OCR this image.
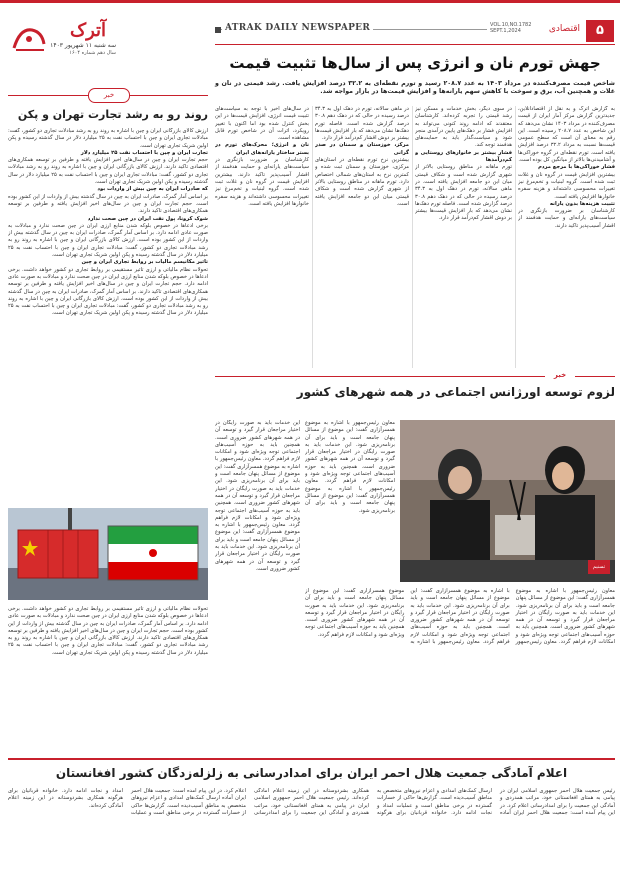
آترک
سه شنبه ۱۱ شهریور ۱۴۰۳
سال دهم شماره ۱۶۰۴
ATRAK DAILY NEWSPAPER	VOL.10,NO.1782
SEPT.1,2024	اقتصادی	۵
جهش تورم نان و انرژی پس از سال‌ها تثبیت قیمت
شاخص قیمت مصرف‌کننده در مرداد ۱۴۰۳ به عدد ۲۰۸.۷ رسید و تورم نقطه‌ای به ۳۲.۲ درصد افزایش یافت. رشد قیمتی در نان و غلات و همچنین آب، برق و سوخت با کاهش سهم یارانه‌ها و افزایش قیمت‌ها در بازار مواجه شد.
به گزارش آترک و به نقل از اقتصادآنلاین، جدیدترین گزارش مرکز آمار ایران از قیمت مصرف‌کننده در مرداد ۱۴۰۳ نشان می‌دهد که این شاخص به عدد ۲۰۸.۷ رسیده است. این رقم به معنای آن است که سطح عمومی قیمت‌ها نسبت به مرداد ۳۲.۲ درصد افزایش یافته است. تورم نقطه‌ای در گروه خوراکی‌ها و آشامیدنی‌ها بالاتر از میانگین کل بوده است.
فشار خوراکی‌ها با مرجع مردم
بیشترین افزایش قیمت در گروه نان و غلات ثبت شده است. گروه لبنیات و تخم‌مرغ نیز تغییرات محسوسی داشته‌اند و هزینه سفره خانوارها افزایش یافته است.
تثبیت هزینه‌ها بدون یارانه
کارشناسان بر ضرورت بازنگری در سیاست‌های یارانه‌ای و حمایت هدفمند از اقشار آسیب‌پذیر تاکید دارند.
در سوی دیگر، بخش خدمات و مسکن نیز رشد قیمتی را تجربه کرده‌اند. کارشناسان معتقدند که ادامه روند کنونی می‌تواند به افزایش فشار بر دهک‌های پایین درآمدی منجر شود و سیاست‌گذار باید به حمایت‌های هدفمند توجه کند.
فشار بیشتر بر خانوارهای روستایی و کم‌درآمدها
تورم ماهانه در مناطق روستایی بالاتر از شهری گزارش شده است و شکاف قیمتی میان این دو جامعه افزایش یافته است. در ماهی سالانه، تورم در دهک اول به ۳۴.۳ درصد رسیده در حالی که در دهک دهم ۳۰.۸ درصد گزارش شده است. فاصله تورم دهک‌ها نشان می‌دهد که بار افزایش قیمت‌ها بیشتر بر دوش اقشار کم‌درآمد قرار دارد.
در ماهی سالانه، تورم در دهک اول به ۳۴.۳ درصد رسیده در حالی که در دهک دهم ۳۰.۸ درصد گزارش شده است. فاصله تورم دهک‌ها نشان می‌دهد که بار افزایش قیمت‌ها بیشتر بر دوش اقشار کم‌درآمد قرار دارد.
مرکز، خوزستان و سمنان در صدر گرانی
بیشترین نرخ تورم نقطه‌ای در استان‌های مرکزی، خوزستان و سمنان ثبت شده و کمترین نرخ به استان‌های شمالی اختصاص دارد. تورم ماهانه در مناطق روستایی بالاتر از شهری گزارش شده است و شکاف قیمتی میان این دو جامعه افزایش یافته است.
در سال‌های اخیر با توجه به سیاست‌های تثبیت قیمت انرژی، افزایش قیمت‌ها در این بخش کنترل شده بود اما اکنون با تغییر رویکرد، اثرات آن در شاخص تورم قابل مشاهده است.
نان و انرژی؛ محرک‌های تورم در بستر ساختار یارانه‌های ایران
کارشناسان بر ضرورت بازنگری در سیاست‌های یارانه‌ای و حمایت هدفمند از اقشار آسیب‌پذیر تاکید دارند. بیشترین افزایش قیمت در گروه نان و غلات ثبت شده است. گروه لبنیات و تخم‌مرغ نیز تغییرات محسوسی داشته‌اند و هزینه سفره خانوارها افزایش یافته است.
خبر
روند رو به رشد تجارت تهران و پکن
ارزش کالای بازرگانی ایران و چین با اشاره به روند رو به رشد مبادلات تجاری دو کشور، گفت: مبادلات تجاری ایران و چین با احتساب نفت به ۲۵ میلیارد دلار در سال گذشته رسیده و پکن اولین شریک تجاری تهران است.
تجارت ایران و چین با احتساب نفت ۲۵ میلیارد دلار
حجم تجارت ایران و چین در سال‌های اخیر افزایش یافته و طرفین بر توسعه همکاری‌های اقتصادی تاکید دارند. ارزش کالای بازرگانی ایران و چین با اشاره به روند رو به رشد مبادلات تجاری دو کشور، گفت: مبادلات تجاری ایران و چین با احتساب نفت به ۲۵ میلیارد دلار در سال گذشته رسیده و پکن اولین شریک تجاری تهران است.
که صادرات ایران به چین بیش از واردات بود
بر اساس آمار گمرک، صادرات ایران به چین در سال گذشته بیش از واردات از این کشور بوده است. حجم تجارت ایران و چین در سال‌های اخیر افزایش یافته و طرفین بر توسعه همکاری‌های اقتصادی تاکید دارند.
شوک کرونا، پول نفت ایران در چین صحت ندارد
برخی ادعاها در خصوص بلوکه شدن منابع ارزی ایران در چین صحت ندارد و مبادلات به صورت عادی ادامه دارد. بر اساس آمار گمرک، صادرات ایران به چین در سال گذشته بیش از واردات از این کشور بوده است. ارزش کالای بازرگانی ایران و چین با اشاره به روند رو به رشد مبادلات تجاری دو کشور، گفت: مبادلات تجاری ایران و چین با احتساب نفت به ۲۵ میلیارد دلار در سال گذشته رسیده و پکن اولین شریک تجاری تهران است.
تاثیر مکانیسم مالیات بر روابط تجاری ایران و چین
تحولات نظام مالیاتی و ارزی تاثیر مستقیمی بر روابط تجاری دو کشور خواهد داشت. برخی ادعاها در خصوص بلوکه شدن منابع ارزی ایران در چین صحت ندارد و مبادلات به صورت عادی ادامه دارد. حجم تجارت ایران و چین در سال‌های اخیر افزایش یافته و طرفین بر توسعه همکاری‌های اقتصادی تاکید دارند. بر اساس آمار گمرک، صادرات ایران به چین در سال گذشته بیش از واردات از این کشور بوده است. ارزش کالای بازرگانی ایران و چین با اشاره به روند رو به رشد مبادلات تجاری دو کشور، گفت: مبادلات تجاری ایران و چین با احتساب نفت به ۲۵ میلیارد دلار در سال گذشته رسیده و پکن اولین شریک تجاری تهران است.
خبر
لزوم توسعه اورژانس اجتماعی در همه شهرهای کشور
تسنیم
معاون رئیس‌جمهور با اشاره به موضوع همسرآزاری گفت: این موضوع از مسائل پنهان جامعه است و باید برای آن برنامه‌ریزی شود. این خدمات باید به صورت رایگان در اختیار مراجعان قرار گیرد و توسعه آن در همه شهرهای کشور ضروری است. همچنین باید به حوزه آسیب‌های اجتماعی توجه ویژه‌ای شود و امکانات لازم فراهم گردد. معاون رئیس‌جمهور با اشاره به موضوع همسرآزاری گفت: این موضوع از مسائل پنهان جامعه است و باید برای آن برنامه‌ریزی شود.
این خدمات باید به صورت رایگان در اختیار مراجعان قرار گیرد و توسعه آن در همه شهرهای کشور ضروری است. همچنین باید به حوزه آسیب‌های اجتماعی توجه ویژه‌ای شود و امکانات لازم فراهم گردد. معاون رئیس‌جمهور با اشاره به موضوع همسرآزاری گفت: این موضوع از مسائل پنهان جامعه است و باید برای آن برنامه‌ریزی شود. این خدمات باید به صورت رایگان در اختیار مراجعان قرار گیرد و توسعه آن در همه شهرهای کشور ضروری است. همچنین باید به حوزه آسیب‌های اجتماعی توجه ویژه‌ای شود و امکانات لازم فراهم گردد. معاون رئیس‌جمهور با اشاره به موضوع همسرآزاری گفت: این موضوع از مسائل پنهان جامعه است و باید برای آن برنامه‌ریزی شود. این خدمات باید به صورت رایگان در اختیار مراجعان قرار گیرد و توسعه آن در همه شهرهای کشور ضروری است.
معاون رئیس‌جمهور با اشاره به موضوع همسرآزاری گفت: این موضوع از مسائل پنهان جامعه است و باید برای آن برنامه‌ریزی شود. این خدمات باید به صورت رایگان در اختیار مراجعان قرار گیرد و توسعه آن در همه شهرهای کشور ضروری است. همچنین باید به حوزه آسیب‌های اجتماعی توجه ویژه‌ای شود و امکانات لازم فراهم گردد. معاون رئیس‌جمهور با اشاره به موضوع همسرآزاری گفت: این موضوع از مسائل پنهان جامعه است و باید برای آن برنامه‌ریزی شود. این خدمات باید به صورت رایگان در اختیار مراجعان قرار گیرد و توسعه آن در همه شهرهای کشور ضروری است. همچنین باید به حوزه آسیب‌های اجتماعی توجه ویژه‌ای شود و امکانات لازم فراهم گردد. معاون رئیس‌جمهور با اشاره به موضوع همسرآزاری گفت: این موضوع از مسائل پنهان جامعه است و باید برای آن برنامه‌ریزی شود. این خدمات باید به صورت رایگان در اختیار مراجعان قرار گیرد و توسعه آن در همه شهرهای کشور ضروری است. همچنین باید به حوزه آسیب‌های اجتماعی توجه ویژه‌ای شود و امکانات لازم فراهم گردد.
تحولات نظام مالیاتی و ارزی تاثیر مستقیمی بر روابط تجاری دو کشور خواهد داشت. برخی ادعاها در خصوص بلوکه شدن منابع ارزی ایران در چین صحت ندارد و مبادلات به صورت عادی ادامه دارد. بر اساس آمار گمرک، صادرات ایران به چین در سال گذشته بیش از واردات از این کشور بوده است. حجم تجارت ایران و چین در سال‌های اخیر افزایش یافته و طرفین بر توسعه همکاری‌های اقتصادی تاکید دارند. ارزش کالای بازرگانی ایران و چین با اشاره به روند رو به رشد مبادلات تجاری دو کشور، گفت: مبادلات تجاری ایران و چین با احتساب نفت به ۲۵ میلیارد دلار در سال گذشته رسیده و پکن اولین شریک تجاری تهران است.
اعلام آمادگی جمعیت هلال احمر ایران برای امدادرسانی به زلزله‌زدگان کشور افغانستان
رئیس جمعیت هلال احمر جمهوری اسلامی ایران در پیامی به همتای افغانستانی خود، مراتب همدردی و آمادگی این جمعیت را برای امدادرسانی اعلام کرد. در این پیام آمده است: جمعیت هلال احمر ایران آماده ارسال کمک‌های امدادی و اعزام نیروهای متخصص به مناطق آسیب‌دیده است. گزارش‌ها حاکی از خسارات گسترده در برخی مناطق است و عملیات امداد و نجات ادامه دارد. خانواده قربانیان برای هرگونه همکاری بشردوستانه در این زمینه اعلام آمادگی کرده‌اند. رئیس جمعیت هلال احمر جمهوری اسلامی ایران در پیامی به همتای افغانستانی خود، مراتب همدردی و آمادگی این جمعیت را برای امدادرسانی اعلام کرد. در این پیام آمده است: جمعیت هلال احمر ایران آماده ارسال کمک‌های امدادی و اعزام نیروهای متخصص به مناطق آسیب‌دیده است. گزارش‌ها حاکی از خسارات گسترده در برخی مناطق است و عملیات امداد و نجات ادامه دارد. خانواده قربانیان برای هرگونه همکاری بشردوستانه در این زمینه اعلام آمادگی کرده‌اند.
